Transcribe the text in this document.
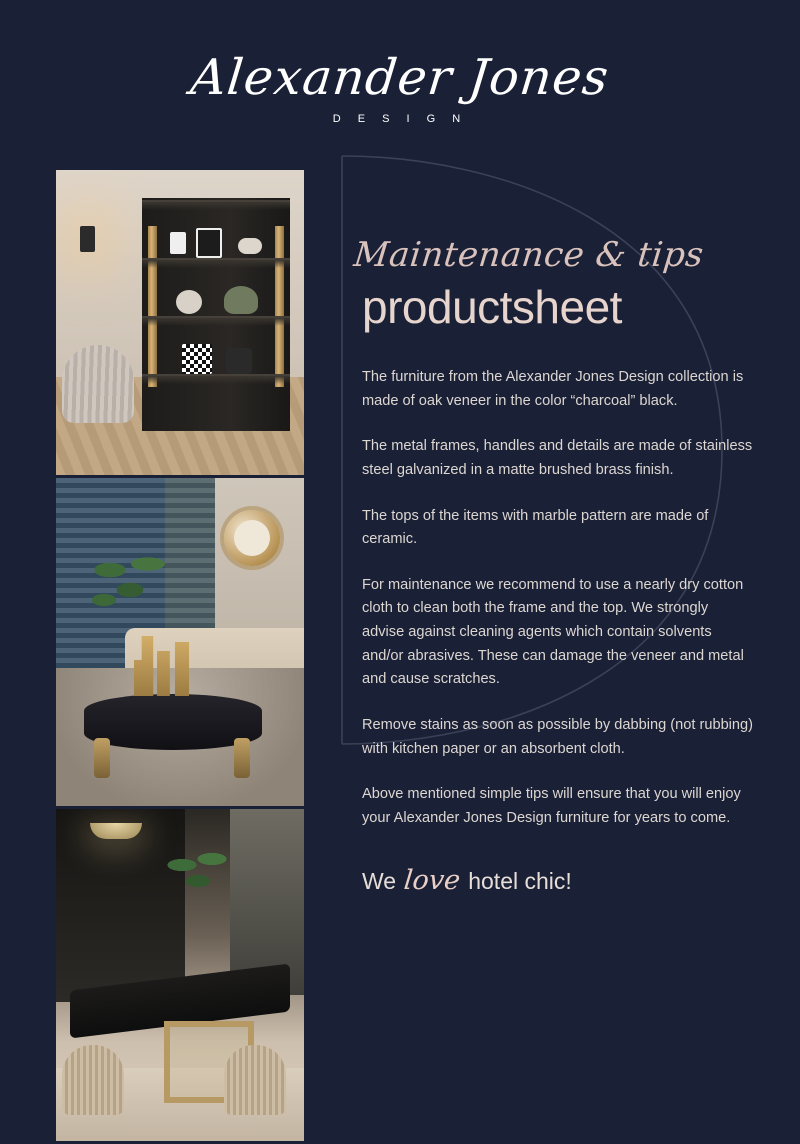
Alexander Jones
D E S I G N
Maintenance & tips
productsheet

The furniture from the Alexander Jones Design collection is made of oak veneer in the color “charcoal” black.

The metal frames, handles and details are made of stainless steel galvanized in a matte brushed brass finish.

The tops of the items with marble pattern are made of ceramic.

For maintenance we recommend to use a nearly dry cotton cloth to clean both the frame and the top. We strongly advise against cleaning agents which contain solvents and/or abrasives. These can damage the veneer and metal and cause scratches.

Remove stains as soon as possible by dabbing (not rubbing) with kitchen paper or an absorbent cloth.

Above mentioned simple tips will ensure that you will enjoy your Alexander Jones Design furniture for years to come.

We love hotel chic!
